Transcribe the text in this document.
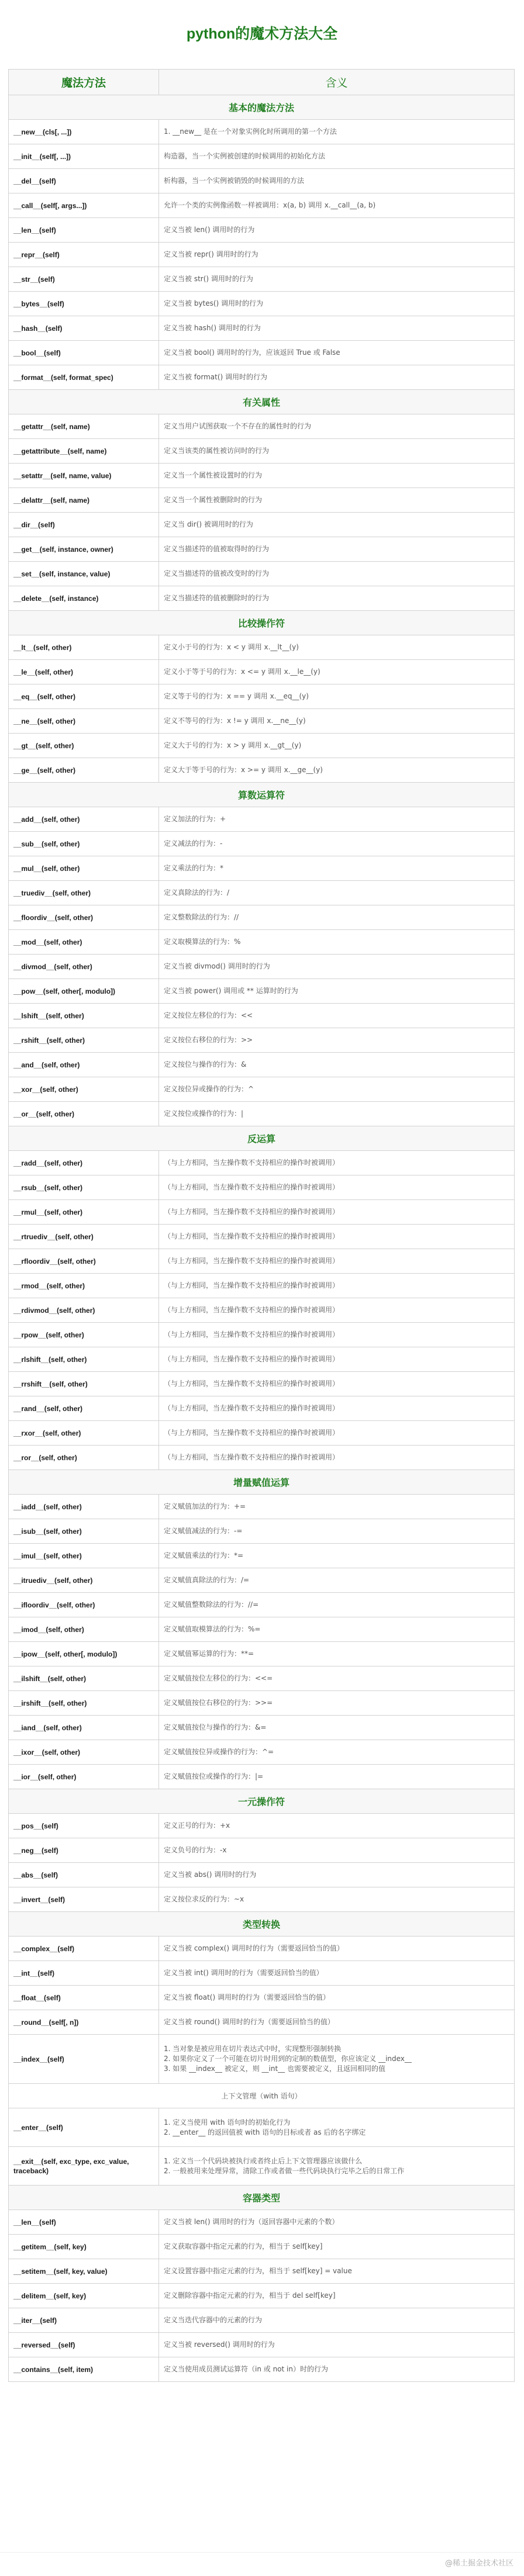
python的魔术方法大全
魔法方法	含义
基本的魔法方法	
__new__(cls[, ...])	1. __new__ 是在一个对象实例化时所调用的第一个方法
__init__(self[, ...])	构造器，当一个实例被创建的时候调用的初始化方法
__del__(self)	析构器，当一个实例被销毁的时候调用的方法
__call__(self[, args...])	允许一个类的实例像函数一样被调用：x(a, b) 调用 x.__call__(a, b)
__len__(self)	定义当被 len() 调用时的行为
__repr__(self)	定义当被 repr() 调用时的行为
__str__(self)	定义当被 str() 调用时的行为
__bytes__(self)	定义当被 bytes() 调用时的行为
__hash__(self)	定义当被 hash() 调用时的行为
__bool__(self)	定义当被 bool() 调用时的行为，应该返回 True 或 False
__format__(self, format_spec)	定义当被 format() 调用时的行为
有关属性	
__getattr__(self, name)	定义当用户试图获取一个不存在的属性时的行为
__getattribute__(self, name)	定义当该类的属性被访问时的行为
__setattr__(self, name, value)	定义当一个属性被设置时的行为
__delattr__(self, name)	定义当一个属性被删除时的行为
__dir__(self)	定义当 dir() 被调用时的行为
__get__(self, instance, owner)	定义当描述符的值被取得时的行为
__set__(self, instance, value)	定义当描述符的值被改变时的行为
__delete__(self, instance)	定义当描述符的值被删除时的行为
比较操作符	
__lt__(self, other)	定义小于号的行为：x < y 调用 x.__lt__(y)
__le__(self, other)	定义小于等于号的行为：x <= y 调用 x.__le__(y)
__eq__(self, other)	定义等于号的行为：x == y 调用 x.__eq__(y)
__ne__(self, other)	定义不等号的行为：x != y 调用 x.__ne__(y)
__gt__(self, other)	定义大于号的行为：x > y 调用 x.__gt__(y)
__ge__(self, other)	定义大于等于号的行为：x >= y 调用 x.__ge__(y)
算数运算符	
__add__(self, other)	定义加法的行为：+
__sub__(self, other)	定义减法的行为：-
__mul__(self, other)	定义乘法的行为：*
__truediv__(self, other)	定义真除法的行为：/
__floordiv__(self, other)	定义整数除法的行为：//
__mod__(self, other)	定义取模算法的行为：%
__divmod__(self, other)	定义当被 divmod() 调用时的行为
__pow__(self, other[, modulo])	定义当被 power() 调用或 ** 运算时的行为
__lshift__(self, other)	定义按位左移位的行为：<<
__rshift__(self, other)	定义按位右移位的行为：>>
__and__(self, other)	定义按位与操作的行为：&
__xor__(self, other)	定义按位异或操作的行为：^
__or__(self, other)	定义按位或操作的行为：|
反运算	
__radd__(self, other)	（与上方相同，当左操作数不支持相应的操作时被调用）
__rsub__(self, other)	（与上方相同，当左操作数不支持相应的操作时被调用）
__rmul__(self, other)	（与上方相同，当左操作数不支持相应的操作时被调用）
__rtruediv__(self, other)	（与上方相同，当左操作数不支持相应的操作时被调用）
__rfloordiv__(self, other)	（与上方相同，当左操作数不支持相应的操作时被调用）
__rmod__(self, other)	（与上方相同，当左操作数不支持相应的操作时被调用）
__rdivmod__(self, other)	（与上方相同，当左操作数不支持相应的操作时被调用）
__rpow__(self, other)	（与上方相同，当左操作数不支持相应的操作时被调用）
__rlshift__(self, other)	（与上方相同，当左操作数不支持相应的操作时被调用）
__rrshift__(self, other)	（与上方相同，当左操作数不支持相应的操作时被调用）
__rand__(self, other)	（与上方相同，当左操作数不支持相应的操作时被调用）
__rxor__(self, other)	（与上方相同，当左操作数不支持相应的操作时被调用）
__ror__(self, other)	（与上方相同，当左操作数不支持相应的操作时被调用）
增量赋值运算	
__iadd__(self, other)	定义赋值加法的行为：+=
__isub__(self, other)	定义赋值减法的行为：-=
__imul__(self, other)	定义赋值乘法的行为：*=
__itruediv__(self, other)	定义赋值真除法的行为：/=
__ifloordiv__(self, other)	定义赋值整数除法的行为：//=
__imod__(self, other)	定义赋值取模算法的行为：%=
__ipow__(self, other[, modulo])	定义赋值幂运算的行为：**=
__ilshift__(self, other)	定义赋值按位左移位的行为：<<=
__irshift__(self, other)	定义赋值按位右移位的行为：>>=
__iand__(self, other)	定义赋值按位与操作的行为：&=
__ixor__(self, other)	定义赋值按位异或操作的行为：^=
__ior__(self, other)	定义赋值按位或操作的行为：|=
一元操作符	
__pos__(self)	定义正号的行为：+x
__neg__(self)	定义负号的行为：-x
__abs__(self)	定义当被 abs() 调用时的行为
__invert__(self)	定义按位求反的行为：~x
类型转换	
__complex__(self)	定义当被 complex() 调用时的行为（需要返回恰当的值）
__int__(self)	定义当被 int() 调用时的行为（需要返回恰当的值）
__float__(self)	定义当被 float() 调用时的行为（需要返回恰当的值）
__round__(self[, n])	定义当被 round() 调用时的行为（需要返回恰当的值）
__index__(self)	1. 当对象是被应用在切片表达式中时，实现整形强制转换
2. 如果你定义了一个可能在切片时用到的定制的数值型，你应该定义 __index__
3. 如果 __index__ 被定义，则 __int__ 也需要被定义，且返回相同的值
上下文管理（with 语句）	
__enter__(self)	1. 定义当使用 with 语句时的初始化行为
2. __enter__ 的返回值被 with 语句的目标或者 as 后的名字绑定
__exit__(self, exc_type, exc_value, traceback)	1. 定义当一个代码块被执行或者终止后上下文管理器应该做什么
2. 一般被用来处理异常，清除工作或者做一些代码块执行完毕之后的日常工作
容器类型	
__len__(self)	定义当被 len() 调用时的行为（返回容器中元素的个数）
__getitem__(self, key)	定义获取容器中指定元素的行为，相当于 self[key]
__setitem__(self, key, value)	定义设置容器中指定元素的行为，相当于 self[key] = value
__delitem__(self, key)	定义删除容器中指定元素的行为，相当于 del self[key]
__iter__(self)	定义当迭代容器中的元素的行为
__reversed__(self)	定义当被 reversed() 调用时的行为
__contains__(self, item)	定义当使用成员测试运算符（in 或 not in）时的行为
@稀土掘金技术社区
